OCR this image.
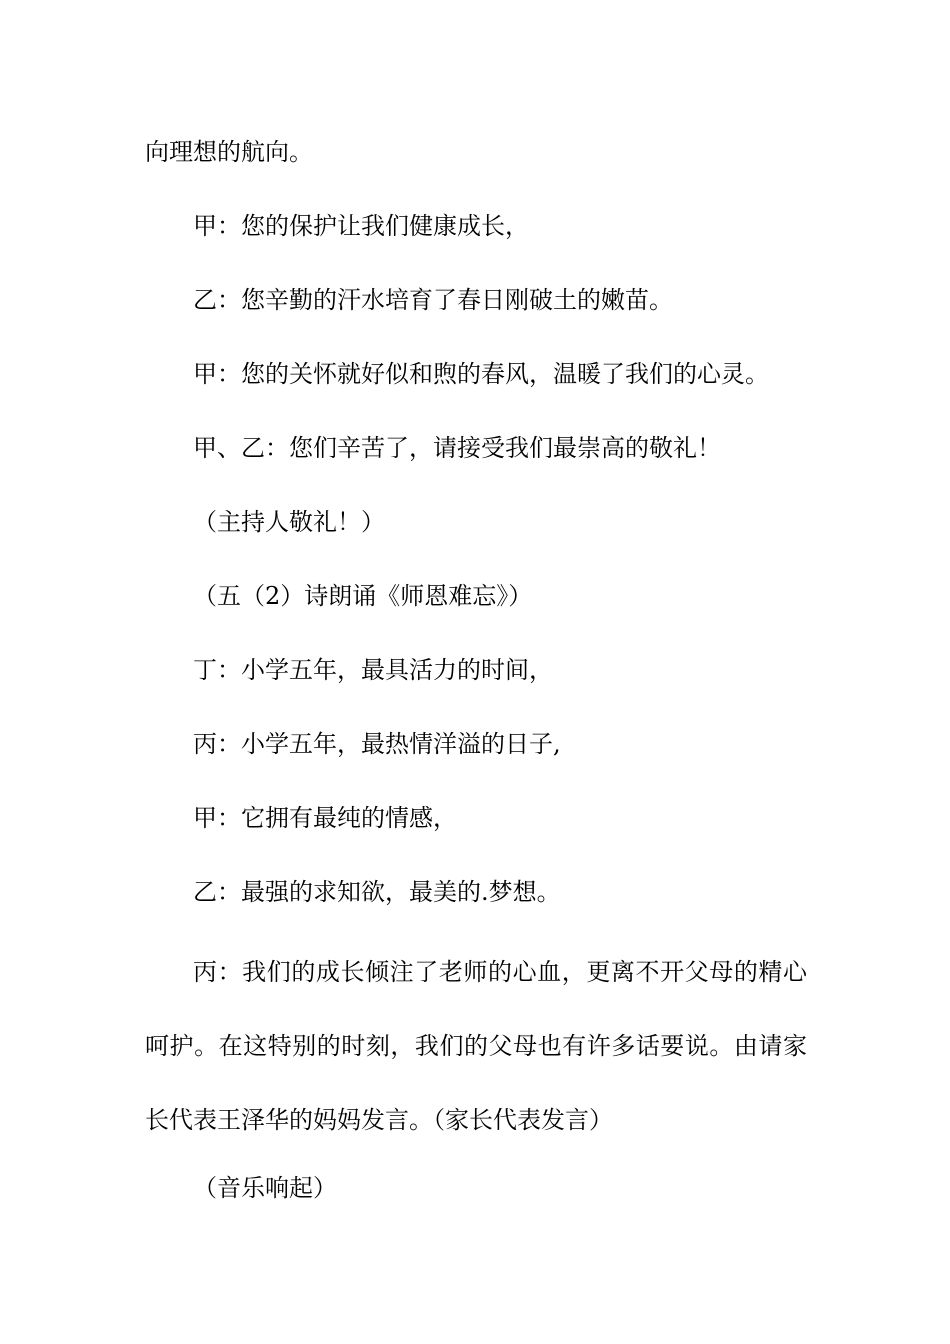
向理想的航向。
甲：您的保护让我们健康成长，
乙：您辛勤的汗水培育了春日刚破土的嫩苗。
甲：您的关怀就好似和煦的春风，温暖了我们的心灵。
甲、乙：您们辛苦了，请接受我们最崇高的敬礼！
（主持人敬礼！）
（五（2）诗朗诵《师恩难忘》）
丁：小学五年，最具活力的时间，
丙：小学五年，最热情洋溢的日子,
甲：它拥有最纯的情感，
乙：最强的求知欲，最美的.梦想。
丙：我们的成长倾注了老师的心血，更离不开父母的精心呵护。在这特别的时刻，我们的父母也有许多话要说。由请家长代表王泽华的妈妈发言。（家长代表发言）
（音乐响起）
